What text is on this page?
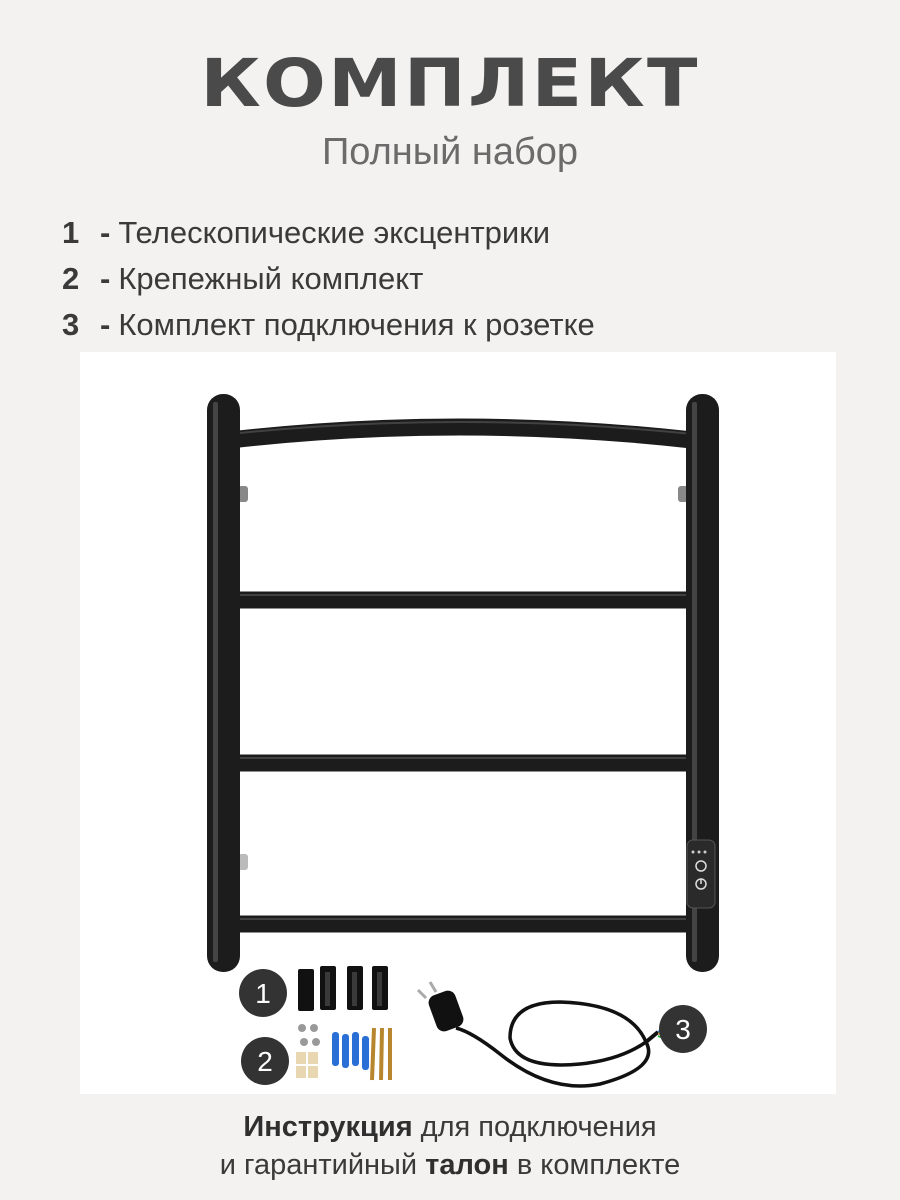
КОМПЛЕКТ
Полный набор
1 - Телескопические эксцентрики
2 - Крепежный комплект
3 - Комплект подключения к розетке
1
2
3
Инструкция для подключения
и гарантийный талон в комплекте
